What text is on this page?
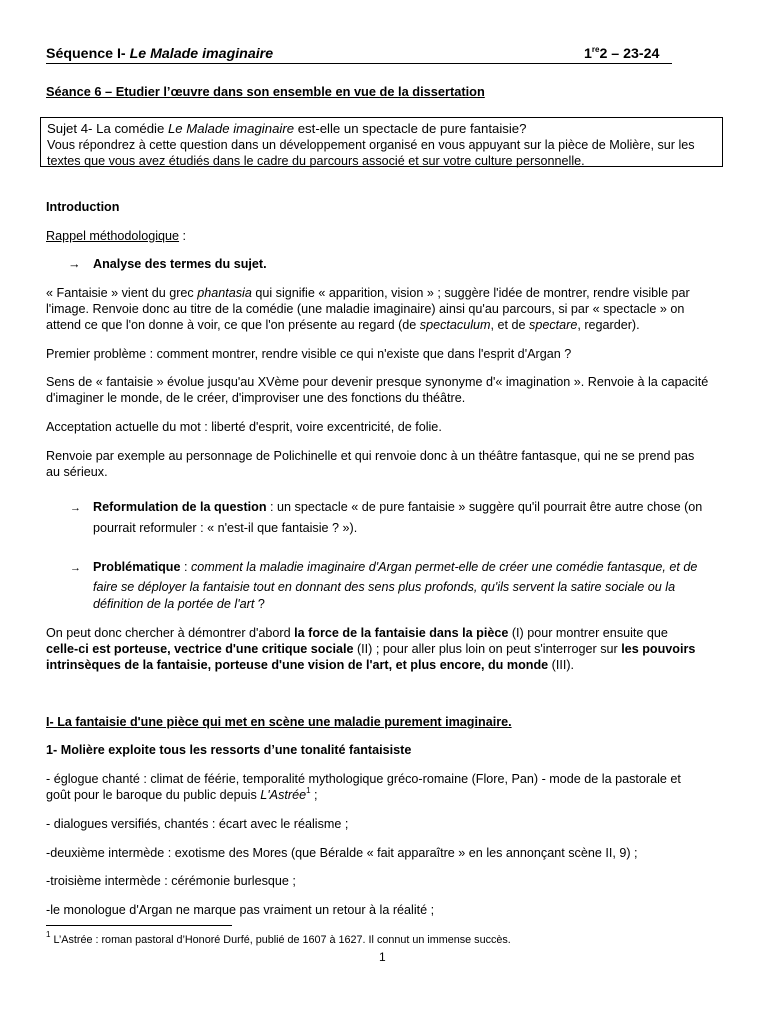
Séquence I- Le Malade imaginaire	1re2 – 23-24
Séance 6 – Etudier l’œuvre dans son ensemble en vue de la dissertation
Sujet 4- La comédie Le Malade imaginaire est-elle un spectacle de pure fantaisie?
Vous répondrez à cette question dans un développement organisé en vous appuyant sur la pièce de Molière, sur les
textes que vous avez étudiés dans le cadre du parcours associé et sur votre culture personnelle.
Introduction
Rappel méthodologique :
→ Analyse des termes du sujet.
« Fantaisie » vient du grec phantasia qui signifie « apparition, vision » ; suggère l'idée de montrer, rendre visible par
l'image. Renvoie donc au titre de la comédie (une maladie imaginaire) ainsi qu'au parcours, si par « spectacle » on
attend ce que l'on donne à voir, ce que l'on présente au regard (de spectaculum, et de spectare, regarder).
Premier problème : comment montrer, rendre visible ce qui n'existe que dans l'esprit d'Argan ?
Sens de « fantaisie » évolue jusqu'au XVème pour devenir presque synonyme d'« imagination ». Renvoie à la capacité
d'imaginer le monde, de le créer, d'improviser une des fonctions du théâtre.
Acceptation actuelle du mot : liberté d'esprit, voire excentricité, de folie.
Renvoie par exemple au personnage de Polichinelle et qui renvoie donc à un théâtre fantasque, qui ne se prend pas
au sérieux.
→ Reformulation de la question : un spectacle « de pure fantaisie » suggère qu'il pourrait être autre chose (on
pourrait reformuler : « n'est-il que fantaisie ? »).
→ Problématique : comment la maladie imaginaire d'Argan permet-elle de créer une comédie fantasque, et de
faire se déployer la fantaisie tout en donnant des sens plus profonds, qu'ils servent la satire sociale ou la
définition de la portée de l'art ?
On peut donc chercher à démontrer d'abord la force de la fantaisie dans la pièce (I) pour montrer ensuite que
celle-ci est porteuse, vectrice d'une critique sociale (II) ; pour aller plus loin on peut s'interroger sur les pouvoirs
intrinsèques de la fantaisie, porteuse d'une vision de l'art, et plus encore, du monde (III).
I- La fantaisie d'une pièce qui met en scène une maladie purement imaginaire.
1- Molière exploite tous les ressorts d’une tonalité fantaisiste
- églogue chanté : climat de féérie, temporalité mythologique gréco-romaine (Flore, Pan) - mode de la pastorale et
goût pour le baroque du public depuis L'Astrée$^1$ ;
- dialogues versifiés, chantés : écart avec le réalisme ;
-deuxième intermède : exotisme des Mores (que Béralde « fait apparaître » en les annonçant scène II, 9) ;
-troisième intermède : cérémonie burlesque ;
-le monologue d'Argan ne marque pas vraiment un retour à la réalité ;
$^1$ L’Astrée : roman pastoral d’Honoré Durfé, publié de 1607 à 1627. Il connut un immense succès.
1
